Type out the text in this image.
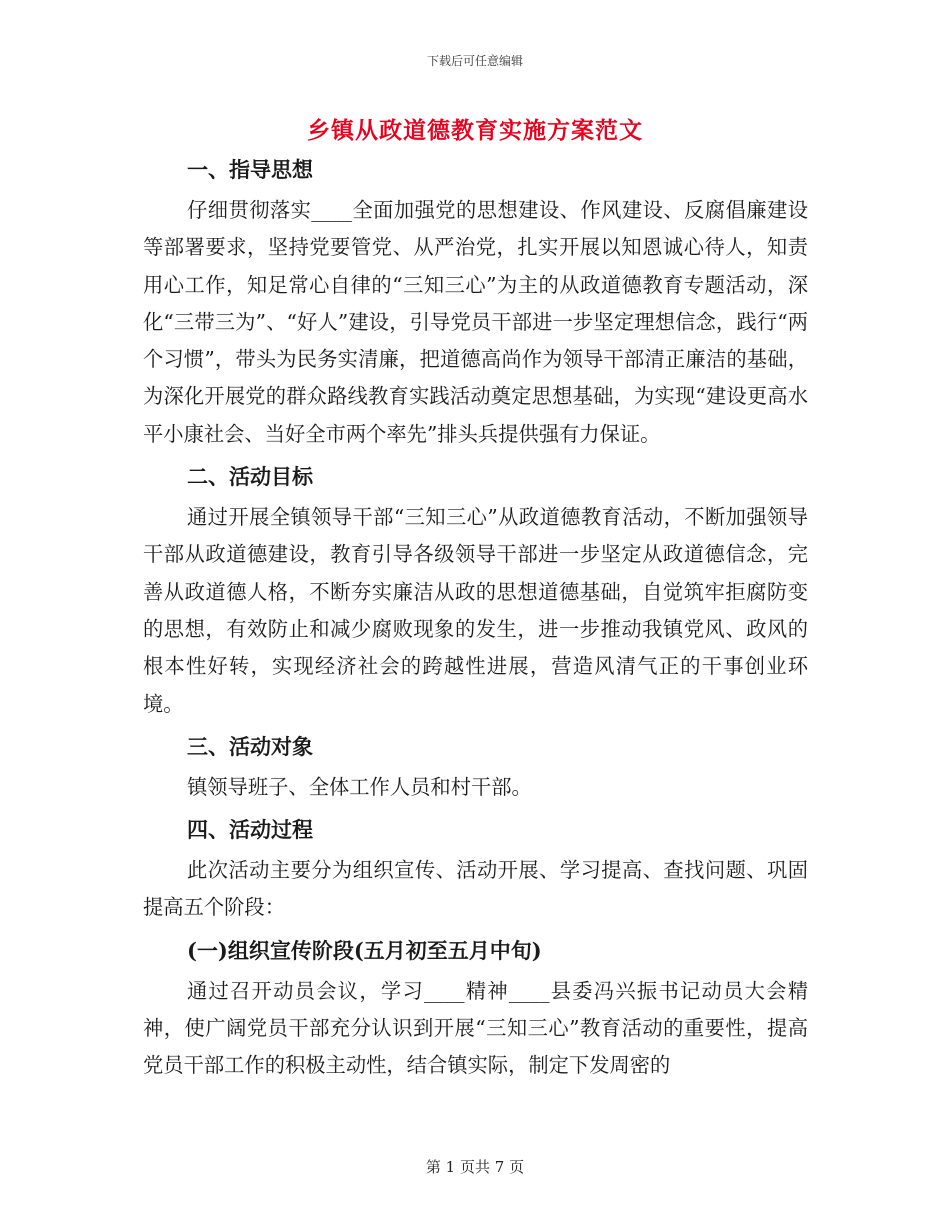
下载后可任意编辑
乡镇从政道德教育实施方案范文
一、指导思想

仔细贯彻落实____全面加强党的思想建设、作风建设、反腐倡廉建设等部署要求，坚持党要管党、从严治党，扎实开展以知恩诚心待人，知责用心工作，知足常心自律的“三知三心”为主的从政道德教育专题活动，深化“三带三为”、“好人”建设，引导党员干部进一步坚定理想信念，践行“两个习惯”，带头为民务实清廉，把道德高尚作为领导干部清正廉洁的基础，为深化开展党的群众路线教育实践活动奠定思想基础，为实现“建设更高水平小康社会、当好全市两个率先”排头兵提供强有力保证。

二、活动目标

通过开展全镇领导干部“三知三心”从政道德教育活动，不断加强领导干部从政道德建设，教育引导各级领导干部进一步坚定从政道德信念，完善从政道德人格，不断夯实廉洁从政的思想道德基础，自觉筑牢拒腐防变的思想，有效防止和减少腐败现象的发生，进一步推动我镇党风、政风的根本性好转，实现经济社会的跨越性进展，营造风清气正的干事创业环境。

三、活动对象

镇领导班子、全体工作人员和村干部。

四、活动过程

此次活动主要分为组织宣传、活动开展、学习提高、查找问题、巩固提高五个阶段：

(一)组织宣传阶段(五月初至五月中旬)

通过召开动员会议，学习____精神____县委冯兴振书记动员大会精神，使广阔党员干部充分认识到开展“三知三心”教育活动的重要性，提高党员干部工作的积极主动性，结合镇实际，制定下发周密的

第 1 页共 7 页
